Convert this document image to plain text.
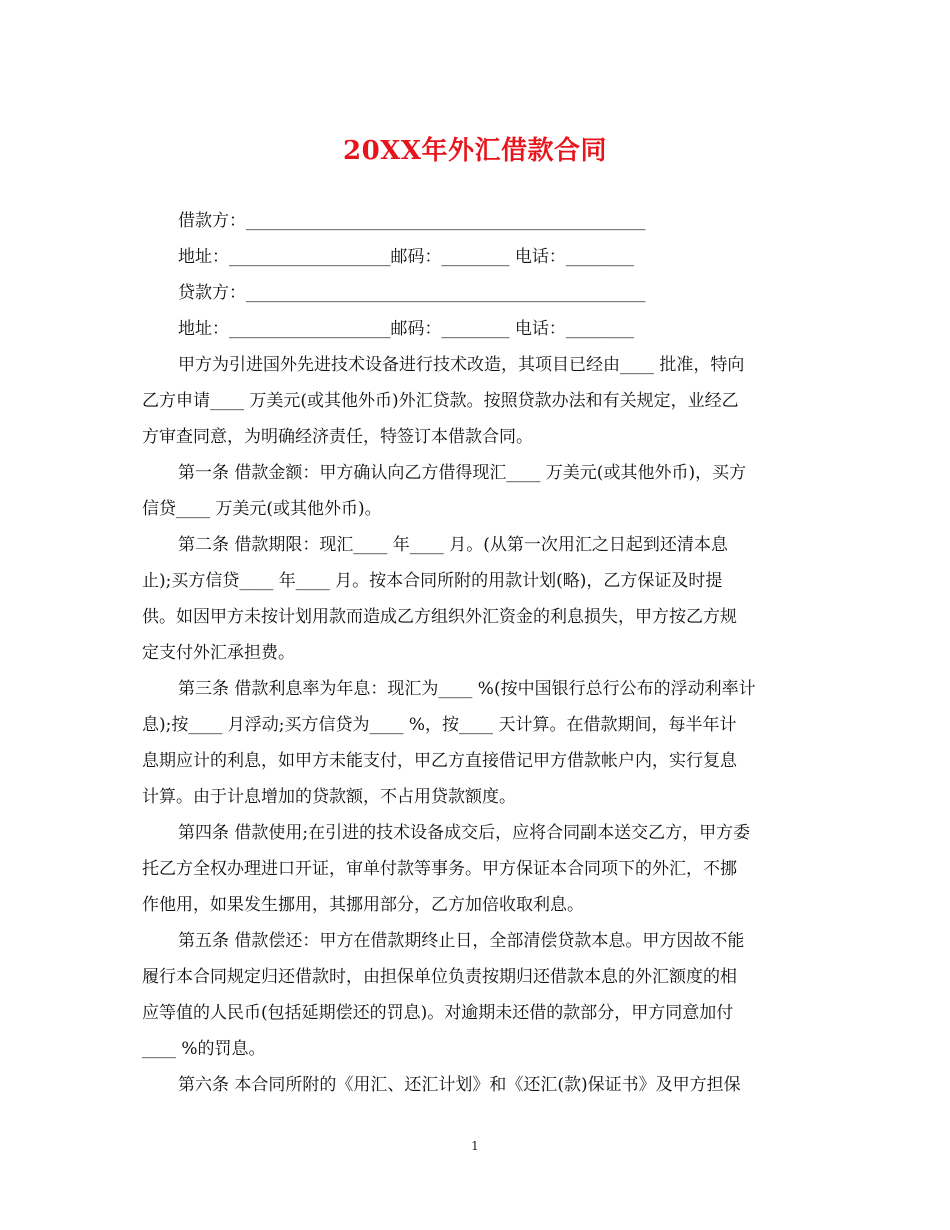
20XX年外汇借款合同

借款方：_______________________________________________

地址：___________________邮码：________ 电话：________

贷款方：_______________________________________________

地址：___________________邮码：________ 电话：________

甲方为引进国外先进技术设备进行技术改造，其项目已经由____ 批准，特向

乙方申请____ 万美元(或其他外币)外汇贷款。按照贷款办法和有关规定，业经乙

方审查同意，为明确经济责任，特签订本借款合同。

第一条 借款金额：甲方确认向乙方借得现汇____ 万美元(或其他外币)，买方

信贷____ 万美元(或其他外币)。

第二条 借款期限：现汇____ 年____ 月。(从第一次用汇之日起到还清本息

止);买方信贷____ 年____ 月。按本合同所附的用款计划(略)，乙方保证及时提

供。如因甲方未按计划用款而造成乙方组织外汇资金的利息损失，甲方按乙方规

定支付外汇承担费。

第三条 借款利息率为年息：现汇为____ %(按中国银行总行公布的浮动利率计

息);按____ 月浮动;买方信贷为____ %，按____ 天计算。在借款期间，每半年计

息期应计的利息，如甲方未能支付，甲乙方直接借记甲方借款帐户内，实行复息

计算。由于计息增加的贷款额，不占用贷款额度。

第四条 借款使用;在引进的技术设备成交后，应将合同副本送交乙方，甲方委

托乙方全权办理进口开证，审单付款等事务。甲方保证本合同项下的外汇，不挪

作他用，如果发生挪用，其挪用部分，乙方加倍收取利息。

第五条 借款偿还：甲方在借款期终止日，全部清偿贷款本息。甲方因故不能

履行本合同规定归还借款时，由担保单位负责按期归还借款本息的外汇额度的相

应等值的人民币(包括延期偿还的罚息)。对逾期未还借的款部分，甲方同意加付

____ %的罚息。

第六条 本合同所附的《用汇、还汇计划》和《还汇(款)保证书》及甲方担保

1
